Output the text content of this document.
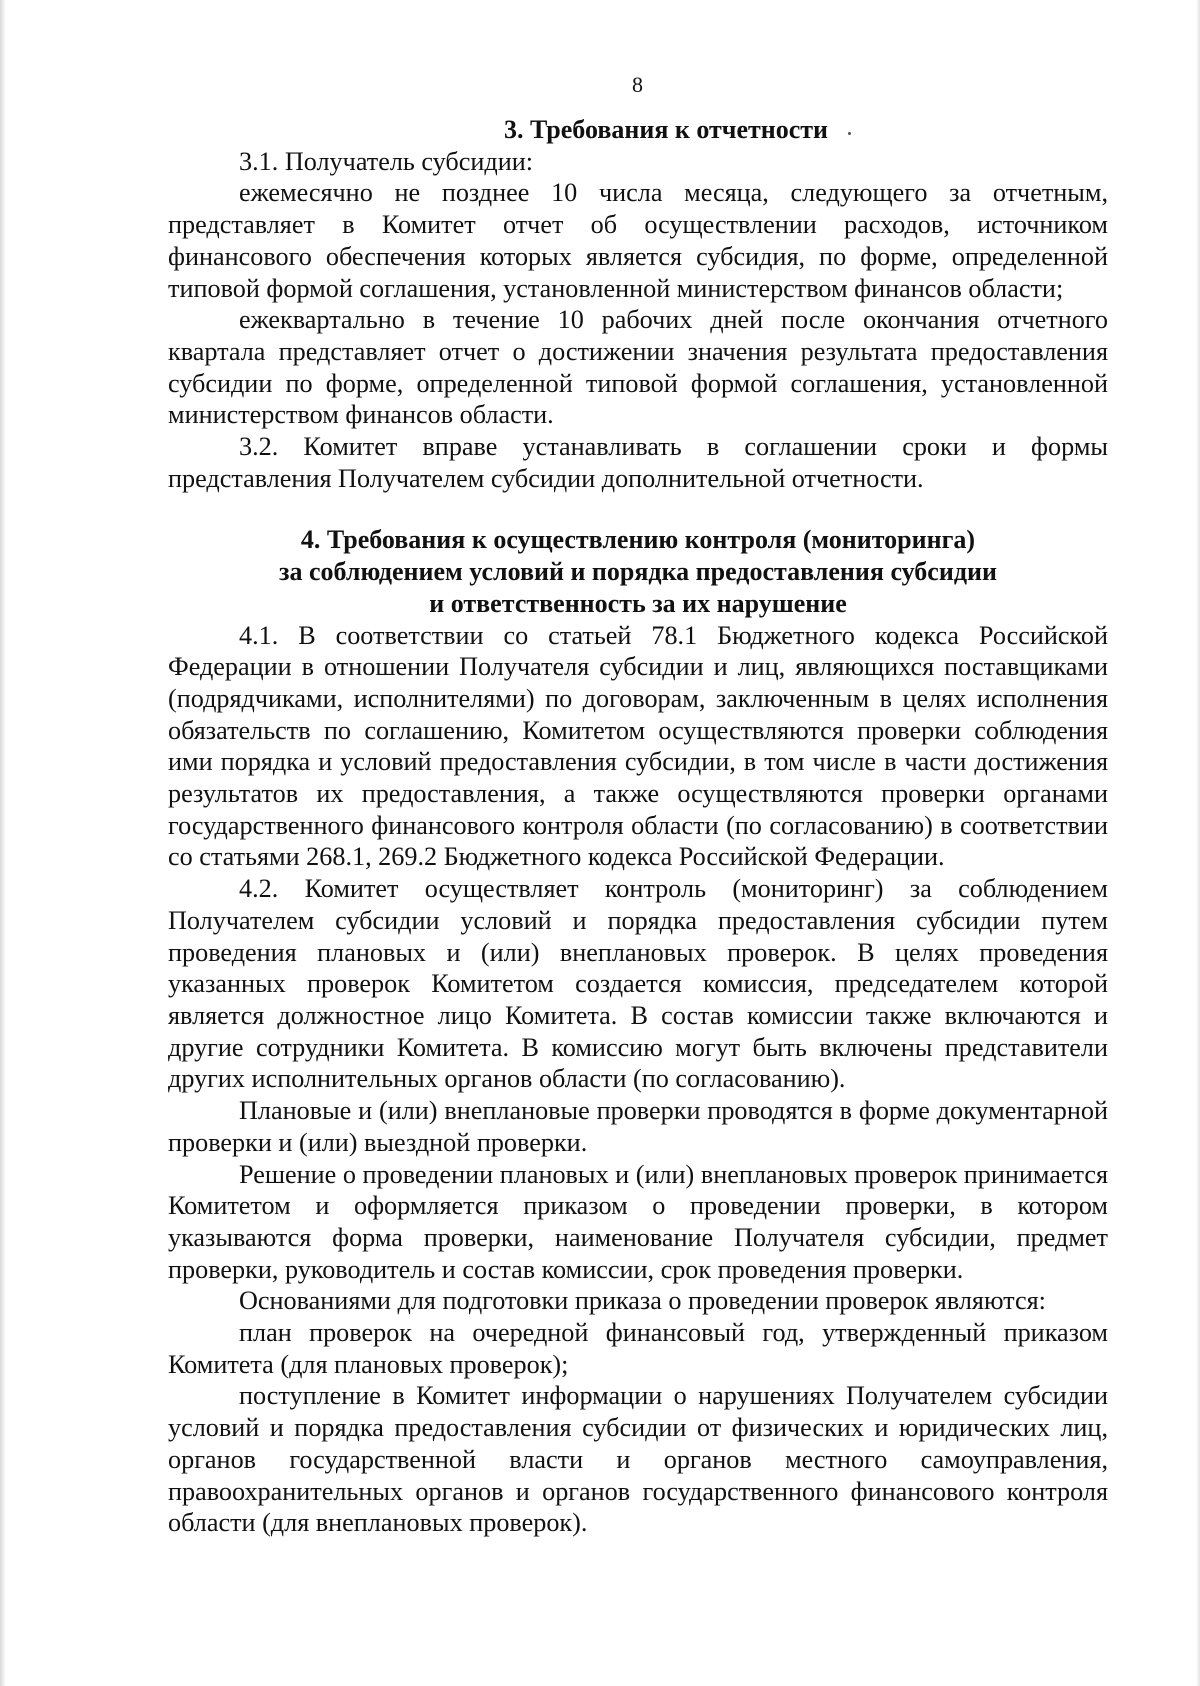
8
3. Требования к отчетности

3.1. Получатель субсидии:

ежемесячно не позднее 10 числа месяца, следующего за отчетным, представляет в Комитет отчет об осуществлении расходов, источником финансового обеспечения которых является субсидия, по форме, определенной типовой формой соглашения, установленной министерством финансов области;

ежеквартально в течение 10 рабочих дней после окончания отчетного квартала представляет отчет о достижении значения результата предоставления субсидии по форме, определенной типовой формой соглашения, установленной министерством финансов области.

3.2. Комитет вправе устанавливать в соглашении сроки и формы представления Получателем субсидии дополнительной отчетности.

4. Требования к осуществлению контроля (мониторинга)
за соблюдением условий и порядка предоставления субсидии
и ответственность за их нарушение

4.1. В соответствии со статьей 78.1 Бюджетного кодекса Российской Федерации в отношении Получателя субсидии и лиц, являющихся поставщиками (подрядчиками, исполнителями) по договорам, заключенным в целях исполнения обязательств по соглашению, Комитетом осуществляются проверки соблюдения ими порядка и условий предоставления субсидии, в том числе в части достижения результатов их предоставления, а также осуществляются проверки органами государственного финансового контроля области (по согласованию) в соответствии со статьями 268.1, 269.2 Бюджетного кодекса Российской Федерации.

4.2. Комитет осуществляет контроль (мониторинг) за соблюдением Получателем субсидии условий и порядка предоставления субсидии путем проведения плановых и (или) внеплановых проверок. В целях проведения указанных проверок Комитетом создается комиссия, председателем которой является должностное лицо Комитета. В состав комиссии также включаются и другие сотрудники Комитета. В комиссию могут быть включены представители других исполнительных органов области (по согласованию).

Плановые и (или) внеплановые проверки проводятся в форме документарной проверки и (или) выездной проверки.

Решение о проведении плановых и (или) внеплановых проверок принимается Комитетом и оформляется приказом о проведении проверки, в котором указываются форма проверки, наименование Получателя субсидии, предмет проверки, руководитель и состав комиссии, срок проведения проверки.

Основаниями для подготовки приказа о проведении проверок являются:

план проверок на очередной финансовый год, утвержденный приказом Комитета (для плановых проверок);

поступление в Комитет информации о нарушениях Получателем субсидии условий и порядка предоставления субсидии от физических и юридических лиц, органов государственной власти и органов местного самоуправления, правоохранительных органов и органов государственного финансового контроля области (для внеплановых проверок).
